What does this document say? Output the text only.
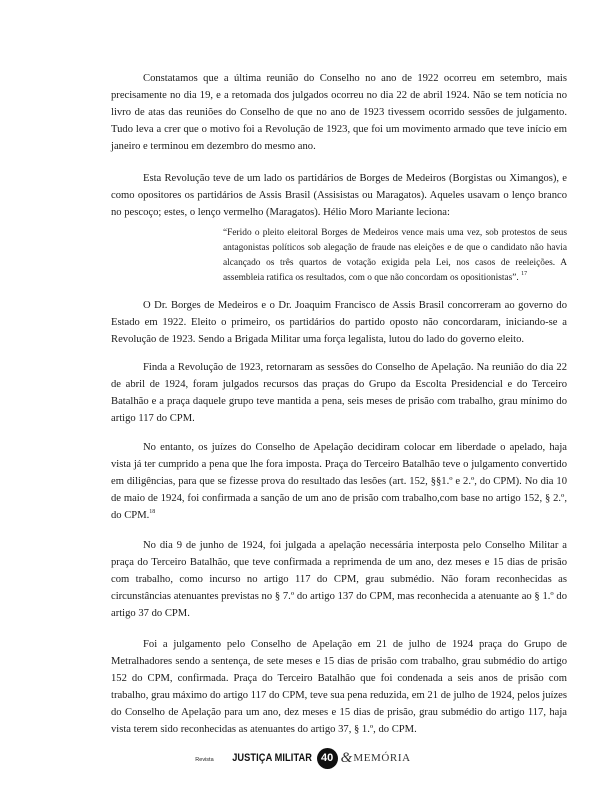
Constatamos que a última reunião do Conselho no ano de 1922 ocorreu em setembro, mais precisamente no dia 19, e a retomada dos julgados ocorreu no dia 22 de abril 1924. Não se tem notícia no livro de atas das reuniões do Conselho de que no ano de 1923 tivessem ocorrido sessões de julgamento. Tudo leva a crer que o motivo foi a Revolução de 1923, que foi um movimento armado que teve início em janeiro e terminou em dezembro do mesmo ano.

Esta Revolução teve de um lado os partidários de Borges de Medeiros (Borgistas ou Ximangos), e como opositores os partidários de Assis Brasil (Assisistas ou Maragatos). Aqueles usavam o lenço branco no pescoço; estes, o lenço vermelho (Maragatos). Hélio Moro Mariante leciona:

“Ferido o pleito eleitoral Borges de Medeiros vence mais uma vez, sob protestos de seus antagonistas políticos sob alegação de fraude nas eleições e de que o candidato não havia alcançado os três quartos de votação exigida pela Lei, nos casos de reeleições. A assembleia ratifica os resultados, com o que não concordam os opositionistas”. $^{17}$

O Dr. Borges de Medeiros e o Dr. Joaquim Francisco de Assis Brasil concorreram ao governo do Estado em 1922. Eleito o primeiro, os partidários do partido oposto não concordaram, iniciando-se a Revolução de 1923. Sendo a Brigada Militar uma força legalista, lutou do lado do governo eleito.

Finda a Revolução de 1923, retornaram as sessões do Conselho de Apelação. Na reunião do dia 22 de abril de 1924, foram julgados recursos das praças do Grupo da Escolta Presidencial e do Terceiro Batalhão e a praça daquele grupo teve mantida a pena, seis meses de prisão com trabalho, grau mínimo do artigo 117 do CPM.

No entanto, os juízes do Conselho de Apelação decidiram colocar em liberdade o apelado, haja vista já ter cumprido a pena que lhe fora imposta. Praça do Terceiro Batalhão teve o julgamento convertido em diligências, para que se fizesse prova do resultado das lesões (art. 152, §§1.º e 2.º, do CPM). No dia 10 de maio de 1924, foi confirmada a sanção de um ano de prisão com trabalho,com base no artigo 152, § 2.º, do CPM.$^{18}$

No dia 9 de junho de 1924, foi julgada a apelação necessária interposta pelo Conselho Militar a praça do Terceiro Batalhão, que teve confirmada a reprimenda de um ano, dez meses e 15 dias de prisão com trabalho, como incurso no artigo 117 do CPM, grau submédio. Não foram reconhecidas as circunstâncias atenuantes previstas no § 7.º do artigo 137 do CPM, mas reconhecida a atenuante ao § 1.º do artigo 37 do CPM.

Foi a julgamento pelo Conselho de Apelação em 21 de julho de 1924 praça do Grupo de Metralhadores sendo a sentença, de sete meses e 15 dias de prisão com trabalho, grau submédio do artigo 152 do CPM, confirmada. Praça do Terceiro Batalhão que foi condenada a seis anos de prisão com trabalho, grau máximo do artigo 117 do CPM, teve sua pena reduzida, em 21 de julho de 1924, pelos juízes do Conselho de Apelação para um ano, dez meses e 15 dias de prisão, grau submédio do artigo 117, haja vista terem sido reconhecidas as atenuantes do artigo 37, § 1.º, do CPM.

Revista JUSTIÇA MILITAR 40 & MEMÓRIA
